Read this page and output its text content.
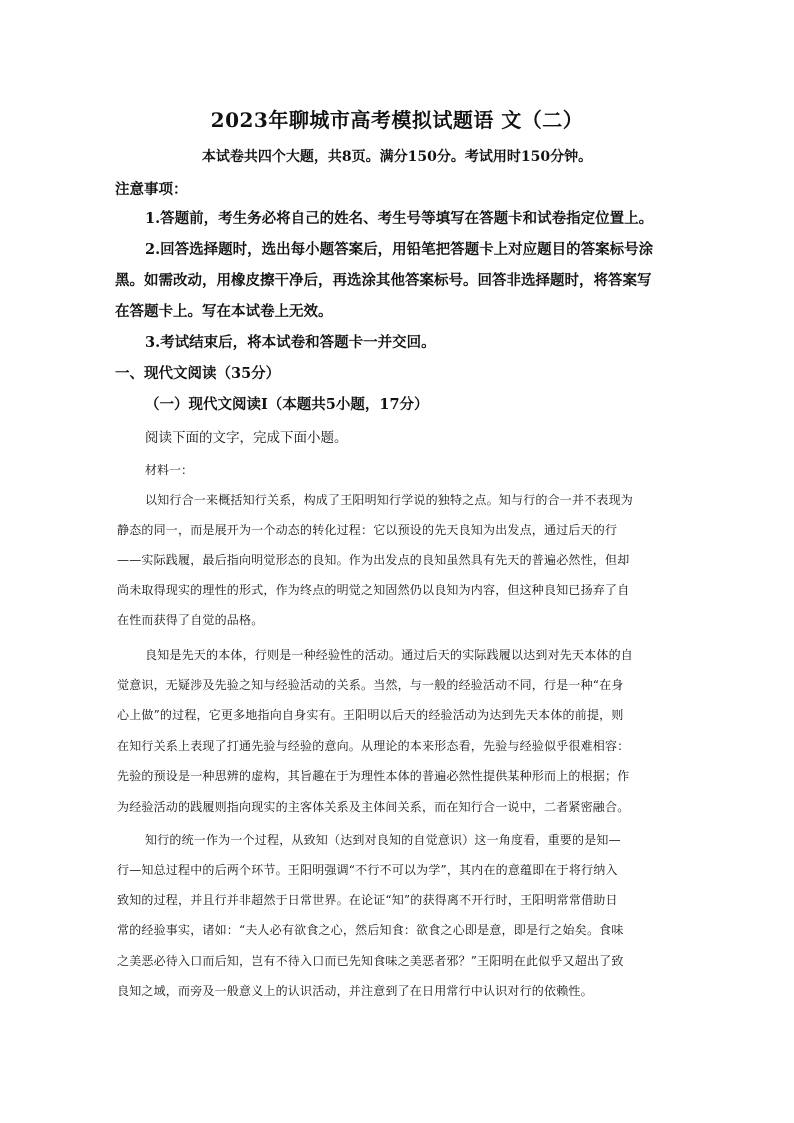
2023年聊城市高考模拟试题语 文（二）
本试卷共四个大题，共8页。满分150分。考试用时150分钟。
注意事项：
1.答题前，考生务必将自己的姓名、考生号等填写在答题卡和试卷指定位置上。
2.回答选择题时，选出每小题答案后，用铅笔把答题卡上对应题目的答案标号涂
黑。如需改动，用橡皮擦干净后，再选涂其他答案标号。回答非选择题时，将答案写
在答题卡上。写在本试卷上无效。
3.考试结束后，将本试卷和答题卡一并交回。
一、现代文阅读（35分）
（一）现代文阅读Ⅰ（本题共5小题，17分）
阅读下面的文字，完成下面小题。
材料一：
以知行合一来概括知行关系，构成了王阳明知行学说的独特之点。知与行的合一并不表现为
静态的同一，而是展开为一个动态的转化过程：它以预设的先天良知为出发点，通过后天的行
——实际践履，最后指向明觉形态的良知。作为出发点的良知虽然具有先天的普遍必然性，但却
尚未取得现实的理性的形式，作为终点的明觉之知固然仍以良知为内容，但这种良知已扬弃了自
在性而获得了自觉的品格。
良知是先天的本体，行则是一种经验性的活动。通过后天的实际践履以达到对先天本体的自
觉意识，无疑涉及先验之知与经验活动的关系。当然，与一般的经验活动不同，行是一种“在身
心上做”的过程，它更多地指向自身实有。王阳明以后天的经验活动为达到先天本体的前提，则
在知行关系上表现了打通先验与经验的意向。从理论的本来形态看，先验与经验似乎很难相容：
先验的预设是一种思辨的虚构，其旨趣在于为理性本体的普遍必然性提供某种形而上的根据；作
为经验活动的践履则指向现实的主客体关系及主体间关系，而在知行合一说中，二者紧密融合。
知行的统一作为一个过程，从致知（达到对良知的自觉意识）这一角度看，重要的是知—
行—知总过程中的后两个环节。王阳明强调“不行不可以为学”，其内在的意蕴即在于将行纳入
致知的过程，并且行并非超然于日常世界。在论证“知”的获得离不开行时，王阳明常常借助日
常的经验事实，诸如：“夫人必有欲食之心，然后知食：欲食之心即是意，即是行之始矣。食味
之美恶必待入口而后知，岂有不待入口而已先知食味之美恶者邪？”王阳明在此似乎又超出了致
良知之域，而旁及一般意义上的认识活动，并注意到了在日用常行中认识对行的依赖性。
